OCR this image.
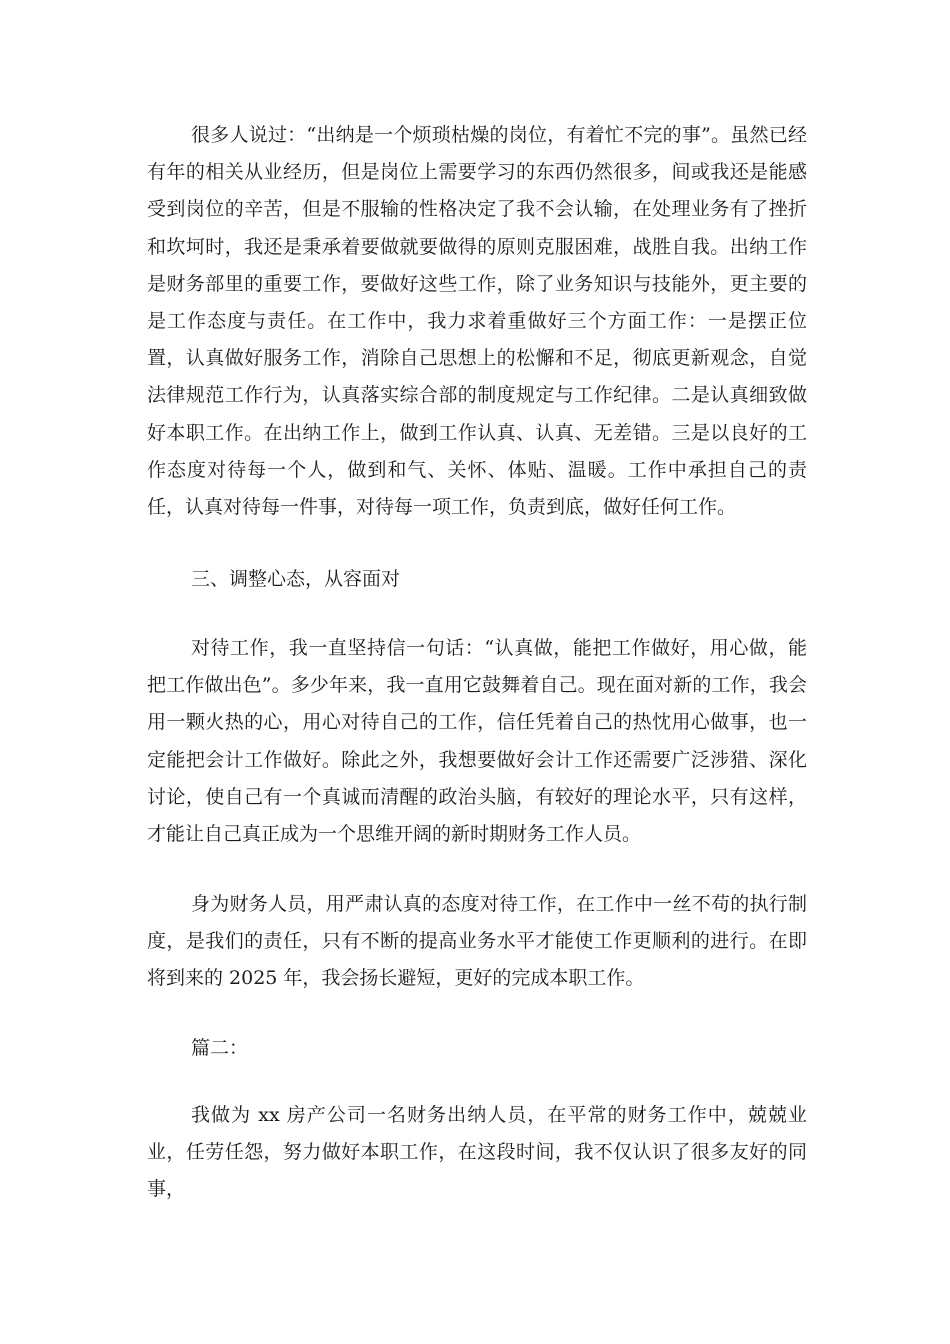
很多人说过：“出纳是一个烦琐枯燥的岗位，有着忙不完的事”。虽然已经有年的相关从业经历，但是岗位上需要学习的东西仍然很多，间或我还是能感受到岗位的辛苦，但是不服输的性格决定了我不会认输，在处理业务有了挫折和坎坷时，我还是秉承着要做就要做得的原则克服困难，战胜自我。出纳工作是财务部里的重要工作，要做好这些工作，除了业务知识与技能外，更主要的是工作态度与责任。在工作中，我力求着重做好三个方面工作：一是摆正位置，认真做好服务工作，消除自己思想上的松懈和不足，彻底更新观念，自觉法律规范工作行为，认真落实综合部的制度规定与工作纪律。二是认真细致做好本职工作。在出纳工作上，做到工作认真、认真、无差错。三是以良好的工作态度对待每一个人，做到和气、关怀、体贴、温暖。工作中承担自己的责任，认真对待每一件事，对待每一项工作，负责到底，做好任何工作。

三、调整心态，从容面对

对待工作，我一直坚持信一句话：“认真做，能把工作做好，用心做，能把工作做出色”。多少年来，我一直用它鼓舞着自己。现在面对新的工作，我会用一颗火热的心，用心对待自己的工作，信任凭着自己的热忱用心做事，也一定能把会计工作做好。除此之外，我想要做好会计工作还需要广泛涉猎、深化讨论，使自己有一个真诚而清醒的政治头脑，有较好的理论水平，只有这样，才能让自己真正成为一个思维开阔的新时期财务工作人员。

身为财务人员，用严肃认真的态度对待工作，在工作中一丝不苟的执行制度，是我们的责任，只有不断的提高业务水平才能使工作更顺利的进行。在即将到来的 2025 年，我会扬长避短，更好的完成本职工作。

篇二：

我做为 xx 房产公司一名财务出纳人员，在平常的财务工作中，兢兢业业，任劳任怨，努力做好本职工作，在这段时间，我不仅认识了很多友好的同事，
